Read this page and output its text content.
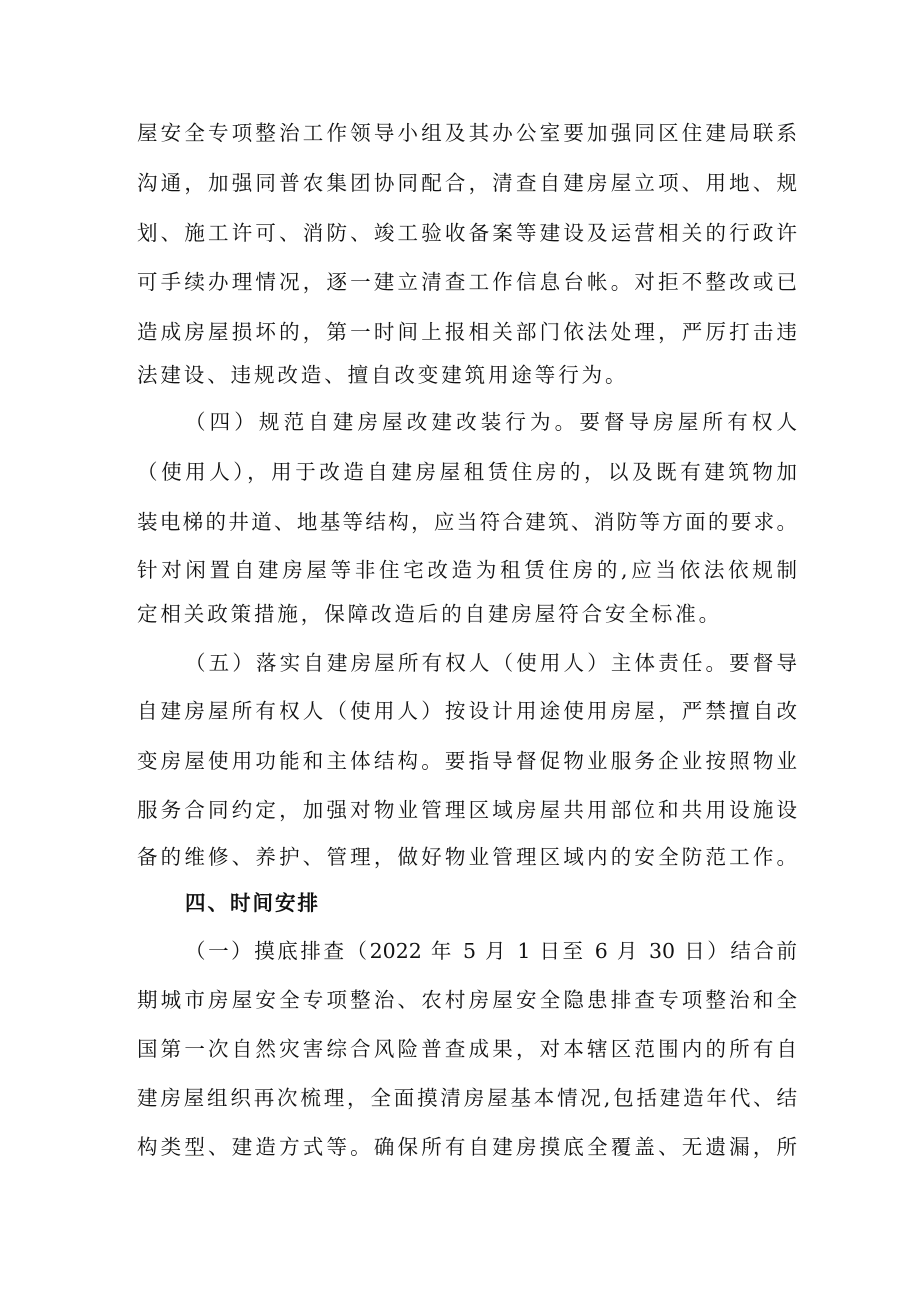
屋安全专项整治工作领导小组及其办公室要加强同区住建局联系
沟通，加强同普农集团协同配合，清查自建房屋立项、用地、规
划、施工许可、消防、竣工验收备案等建设及运营相关的行政许
可手续办理情况，逐一建立清查工作信息台帐。对拒不整改或已
造成房屋损坏的，第一时间上报相关部门依法处理，严厉打击违
法建设、违规改造、擅自改变建筑用途等行为。
（四）规范自建房屋改建改装行为。要督导房屋所有权人
（使用人），用于改造自建房屋租赁住房的，以及既有建筑物加
装电梯的井道、地基等结构，应当符合建筑、消防等方面的要求。
针对闲置自建房屋等非住宅改造为租赁住房的,应当依法依规制
定相关政策措施，保障改造后的自建房屋符合安全标准。
（五）落实自建房屋所有权人（使用人）主体责任。要督导
自建房屋所有权人（使用人）按设计用途使用房屋，严禁擅自改
变房屋使用功能和主体结构。要指导督促物业服务企业按照物业
服务合同约定，加强对物业管理区域房屋共用部位和共用设施设
备的维修、养护、管理，做好物业管理区域内的安全防范工作。
四、时间安排
（一）摸底排查（2022 年 5 月 1 日至 6 月 30 日）结合前
期城市房屋安全专项整治、农村房屋安全隐患排查专项整治和全
国第一次自然灾害综合风险普查成果，对本辖区范围内的所有自
建房屋组织再次梳理，全面摸清房屋基本情况,包括建造年代、结
构类型、建造方式等。确保所有自建房摸底全覆盖、无遗漏，所
